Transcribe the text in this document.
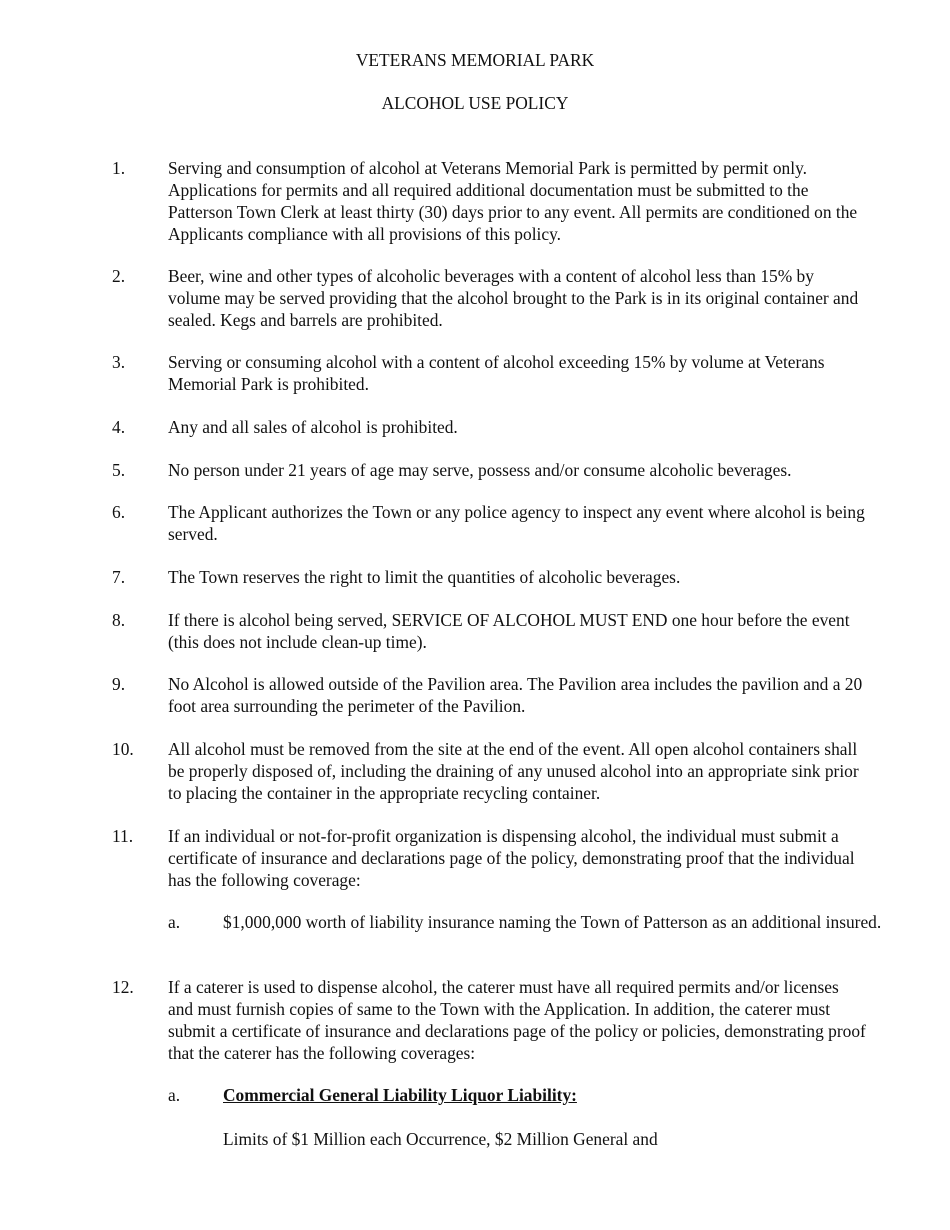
VETERANS MEMORIAL PARK
ALCOHOL USE POLICY
1. Serving and consumption of alcohol at Veterans Memorial Park is permitted by permit only. Applications for permits and all required additional documentation must be submitted to the Patterson Town Clerk at least thirty (30) days prior to any event. All permits are conditioned on the Applicants compliance with all provisions of this policy.
2. Beer, wine and other types of alcoholic beverages with a content of alcohol less than 15% by volume may be served providing that the alcohol brought to the Park is in its original container and sealed. Kegs and barrels are prohibited.
3. Serving or consuming alcohol with a content of alcohol exceeding 15% by volume at Veterans Memorial Park is prohibited.
4. Any and all sales of alcohol is prohibited.
5. No person under 21 years of age may serve, possess and/or consume alcoholic beverages.
6. The Applicant authorizes the Town or any police agency to inspect any event where alcohol is being served.
7. The Town reserves the right to limit the quantities of alcoholic beverages.
8. If there is alcohol being served, SERVICE OF ALCOHOL MUST END one hour before the event (this does not include clean-up time).
9. No Alcohol is allowed outside of the Pavilion area. The Pavilion area includes the pavilion and a 20 foot area surrounding the perimeter of the Pavilion.
10. All alcohol must be removed from the site at the end of the event. All open alcohol containers shall be properly disposed of, including the draining of any unused alcohol into an appropriate sink prior to placing the container in the appropriate recycling container.
11. If an individual or not-for-profit organization is dispensing alcohol, the individual must submit a certificate of insurance and declarations page of the policy, demonstrating proof that the individual has the following coverage:
a. $1,000,000 worth of liability insurance naming the Town of Patterson as an additional insured.
12. If a caterer is used to dispense alcohol, the caterer must have all required permits and/or licenses and must furnish copies of same to the Town with the Application. In addition, the caterer must submit a certificate of insurance and declarations page of the policy or policies, demonstrating proof that the caterer has the following coverages:
a. Commercial General Liability Liquor Liability:
Limits of $1 Million each Occurrence, $2 Million General and
